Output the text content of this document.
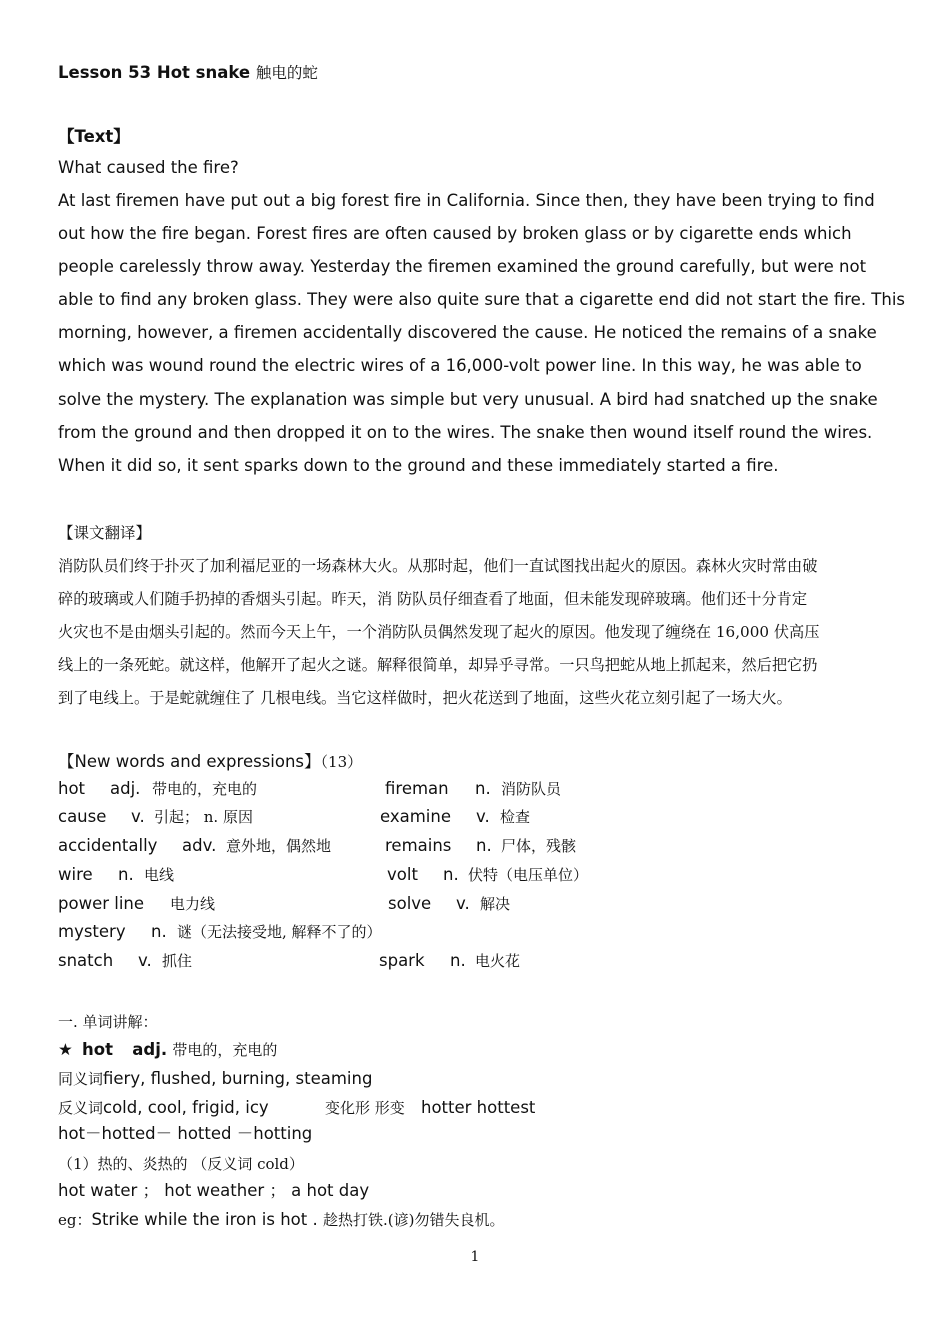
Lesson 53 Hot snake 触电的蛇
【Text】
What caused the fire?

At last firemen have put out a big forest fire in California. Since then, they have been trying to find

out how the fire began. Forest fires are often caused by broken glass or by cigarette ends which

people carelessly throw away. Yesterday the firemen examined the ground carefully, but were not

able to find any broken glass. They were also quite sure that a cigarette end did not start the fire. This

morning, however, a firemen accidentally discovered the cause. He noticed the remains of a snake

which was wound round the electric wires of a 16,000-volt power line. In this way, he was able to

solve the mystery. The explanation was simple but very unusual. A bird had snatched up the snake

from the ground and then dropped it on to the wires. The snake then wound itself round the wires.

When it did so, it sent sparks down to the ground and these immediately started a fire.

【课文翻译】

消防队员们终于扑灭了加利福尼亚的一场森林大火。从那时起，他们一直试图找出起火的原因。森林火灾时常由破

碎的玻璃或人们随手扔掉的香烟头引起。昨天，消 防队员仔细查看了地面，但未能发现碎玻璃。他们还十分肯定

火灾也不是由烟头引起的。然而今天上午，一个消防队员偶然发现了起火的原因。他发现了缠绕在 16,000 伏高压

线上的一条死蛇。就这样，他解开了起火之谜。解释很简单，却异乎寻常。一只鸟把蛇从地上抓起来，然后把它扔

到了电线上。于是蛇就缠住了 几根电线。当它这样做时，把火花送到了地面，这些火花立刻引起了一场大火。

【New words and expressions】（13）
hot adj. 带电的，充电的	fireman n. 消防队员
cause v. 引起； n. 原因	examine v. 检查
accidentally adv. 意外地，偶然地	remains n. 尸体，残骸
wire n. 电线	volt n. 伏特（电压单位）
power line 电力线	solve v. 解决
mystery n. 谜（无法接受地, 解释不了的）
snatch v. 抓住	spark n. 电火花
一. 单词讲解：
★ hot adj. 带电的，充电的
同义词fiery, flushed, burning, steaming
反义词cold, cool, frigid, icy	变化形 形变 hotter hottest
hot－hotted－ hotted －hotting
（1）热的、炎热的 （反义词 cold）
hot water ； hot weather ； a hot day
eg：Strike while the iron is hot . 趁热打铁.(谚)勿错失良机。
1
